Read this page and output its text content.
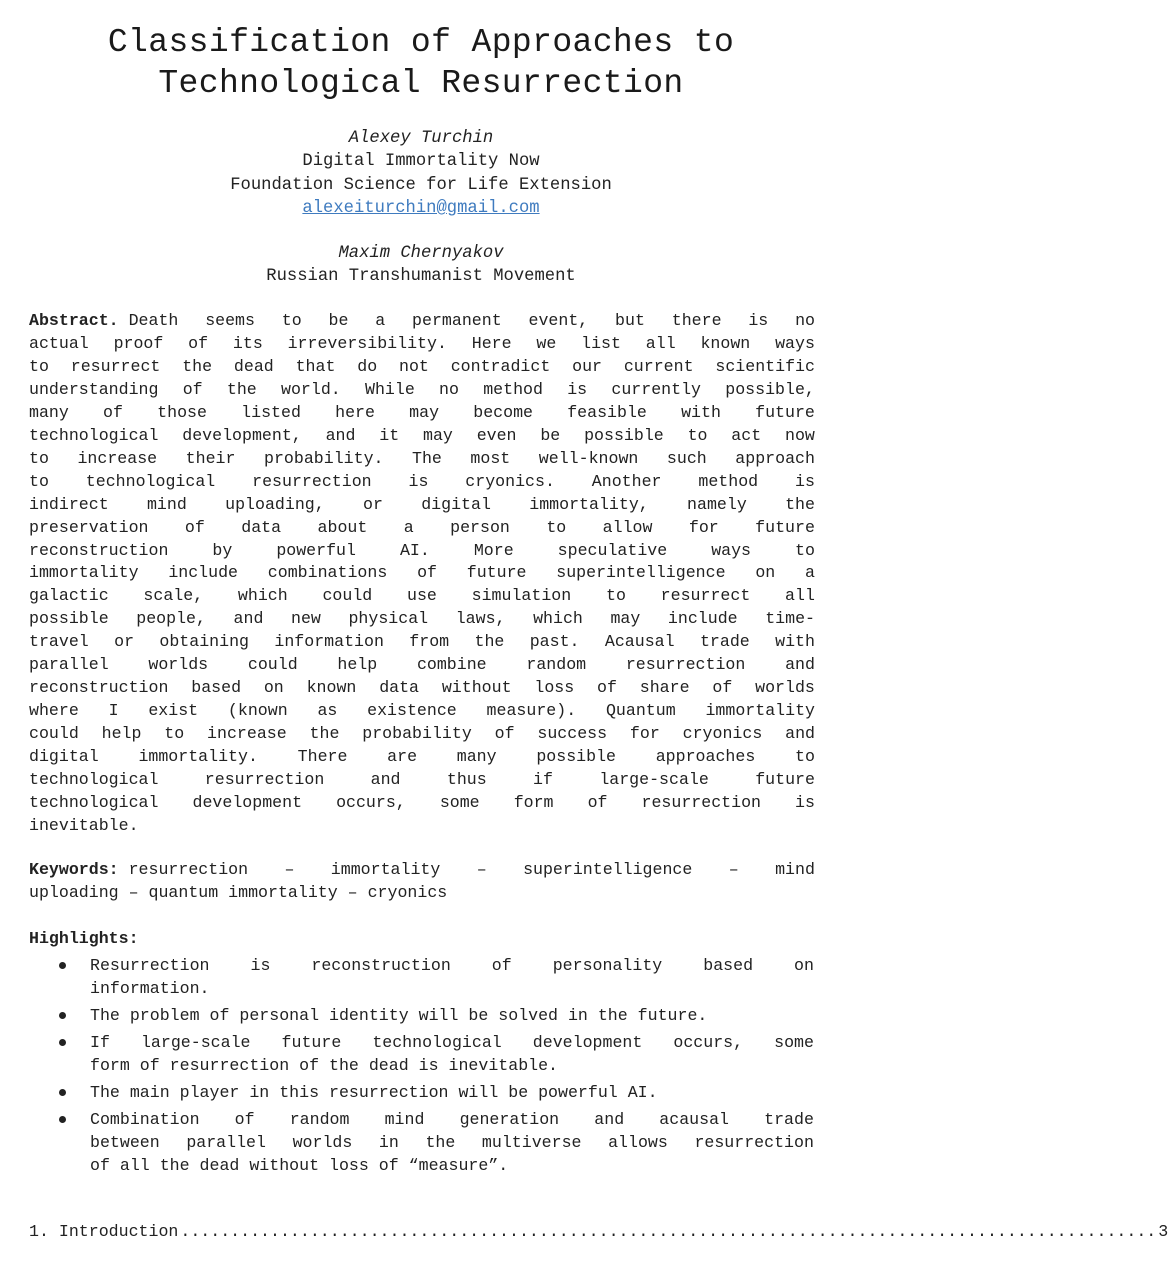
Classification of Approaches to
Technological Resurrection
Alexey Turchin
Digital Immortality Now
Foundation Science for Life Extension
alexeiturchin@gmail.com
Maxim Chernyakov
Russian Transhumanist Movement
Abstract. Death seems to be a permanent event, but there is no
actual proof of its irreversibility. Here we list all known ways
to resurrect the dead that do not contradict our current scientific
understanding of the world. While no method is currently possible,
many of those listed here may become feasible with future
technological development, and it may even be possible to act now
to increase their probability. The most well-known such approach
to technological resurrection is cryonics. Another method is
indirect mind uploading, or digital immortality, namely the
preservation of data about a person to allow for future
reconstruction	by	powerful	AI.	More	speculative	ways	to
immortality include combinations of future superintelligence on a
galactic scale, which could use simulation to resurrect all
possible people, and new physical laws, which may include time-
travel or obtaining information from the past. Acausal trade with
parallel worlds could help combine random resurrection and
reconstruction based on known data without loss of share of worlds
where I exist (known as existence measure). Quantum immortality
could help to increase the probability of success for cryonics and
digital immortality. There are many possible approaches to
technological	resurrection	and	thus	if	large-scale	future
technological development occurs, some form of resurrection is
inevitable.
Keywords: resurrection – immortality – superintelligence – mind
uploading – quantum immortality – cryonics
Highlights:
Resurrection is reconstruction of personality based on
information.
The problem of personal identity will be solved in the future.
If large-scale future technological development occurs, some
form of resurrection of the dead is inevitable.
The main player in this resurrection will be powerful AI.
Combination of random mind generation and acausal trade
between parallel worlds in the multiverse allows resurrection
of all the dead without loss of “measure”.
1. Introduction .................................................................................................. 3
